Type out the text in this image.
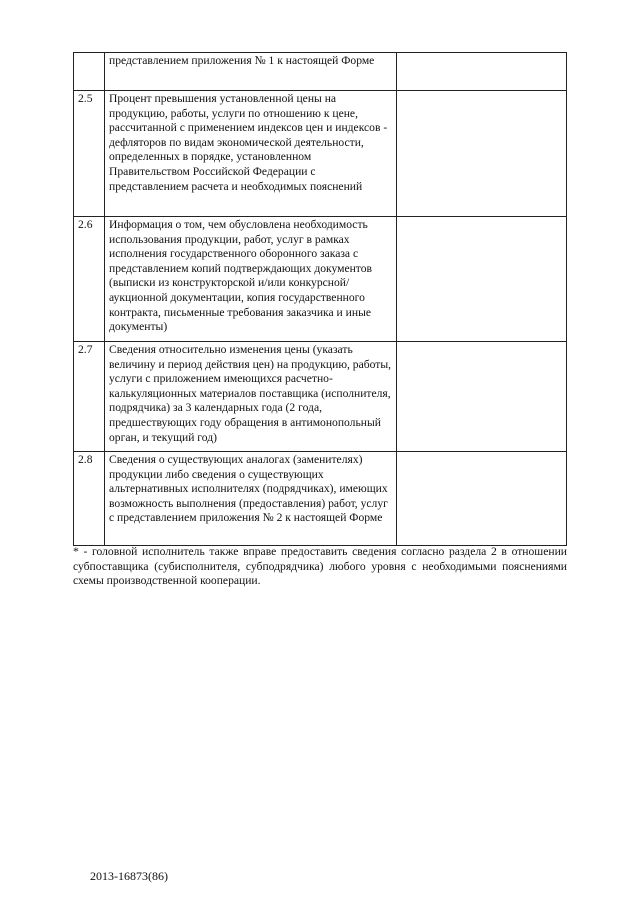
	представлением приложения № 1 к настоящей Форме	
2.5	Процент превышения установленной цены на продукцию, работы, услуги по отношению к цене, рассчитанной с применением индексов цен и индексов - дефляторов по видам экономической деятельности, определенных в порядке, установленном Правительством Российской Федерации с представлением расчета и необходимых пояснений	
2.6	Информация о том, чем обусловлена необходимость использования продукции, работ, услуг в рамках исполнения государственного оборонного заказа с представлением копий подтверждающих документов (выписки из конструкторской и/или конкурсной/аукционной документации, копия государственного контракта, письменные требования заказчика и иные документы)	
2.7	Сведения относительно изменения цены (указать величину и период действия цен) на продукцию, работы, услуги с приложением имеющихся расчетно-калькуляционных материалов поставщика (исполнителя, подрядчика) за 3 календарных года (2 года, предшествующих году обращения в антимонопольный орган, и текущий год)	
2.8	Сведения о существующих аналогах (заменителях) продукции либо сведения о существующих альтернативных исполнителях (подрядчиках), имеющих возможность выполнения (предоставления) работ, услуг с представлением приложения № 2 к настоящей Форме	
* - головной исполнитель также вправе предоставить сведения согласно раздела 2 в отношении субпоставщика (субисполнителя, субподрядчика) любого уровня с необходимыми пояснениями схемы производственной кооперации.
2013-16873(86)
